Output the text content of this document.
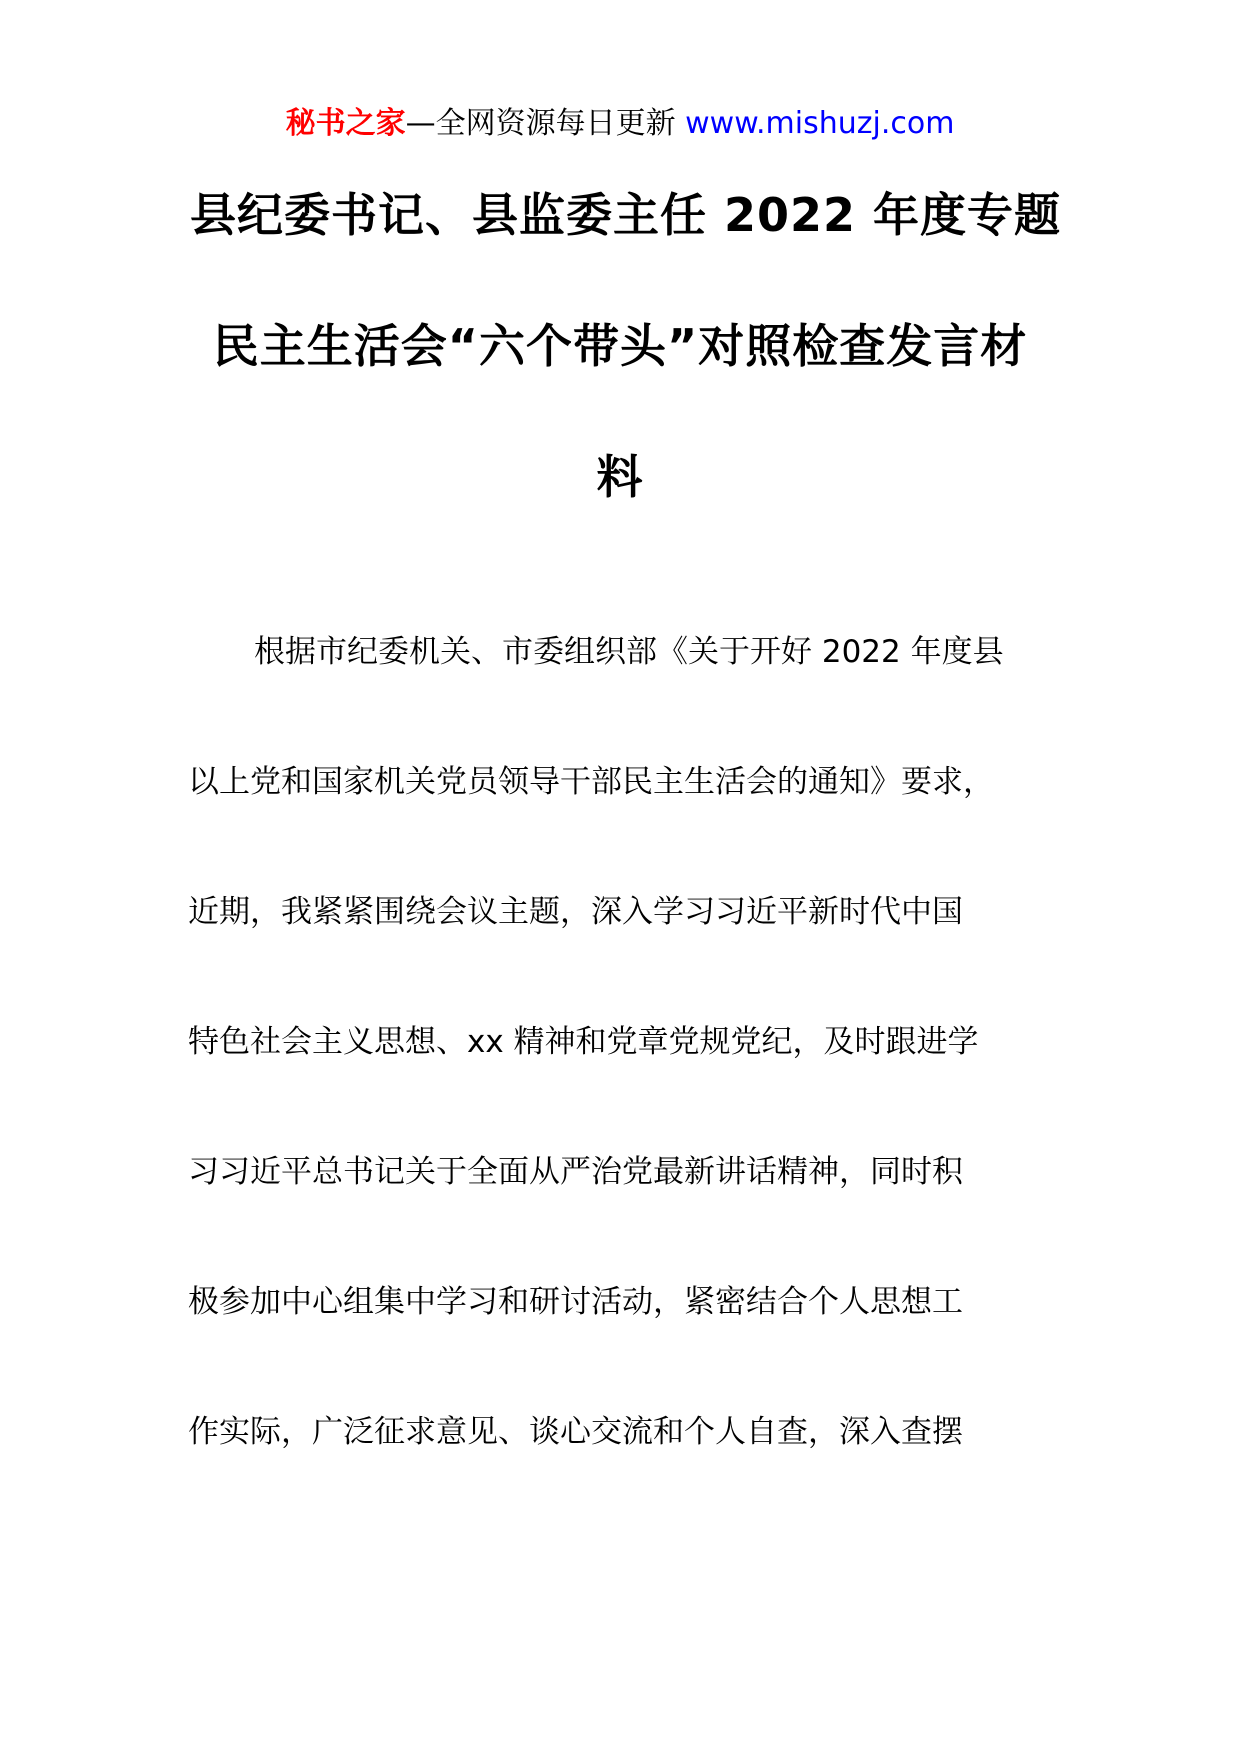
秘书之家—全网资源每日更新 www.mishuzj.com
县纪委书记、县监委主任 2022 年度专题
民主生活会“六个带头”对照检查发言材
料
根据市纪委机关、市委组织部《关于开好 2022 年度县
以上党和国家机关党员领导干部民主生活会的通知》要求，
近期，我紧紧围绕会议主题，深入学习习近平新时代中国
特色社会主义思想、xx 精神和党章党规党纪，及时跟进学
习习近平总书记关于全面从严治党最新讲话精神，同时积
极参加中心组集中学习和研讨活动，紧密结合个人思想工
作实际，广泛征求意见、谈心交流和个人自查，深入查摆
